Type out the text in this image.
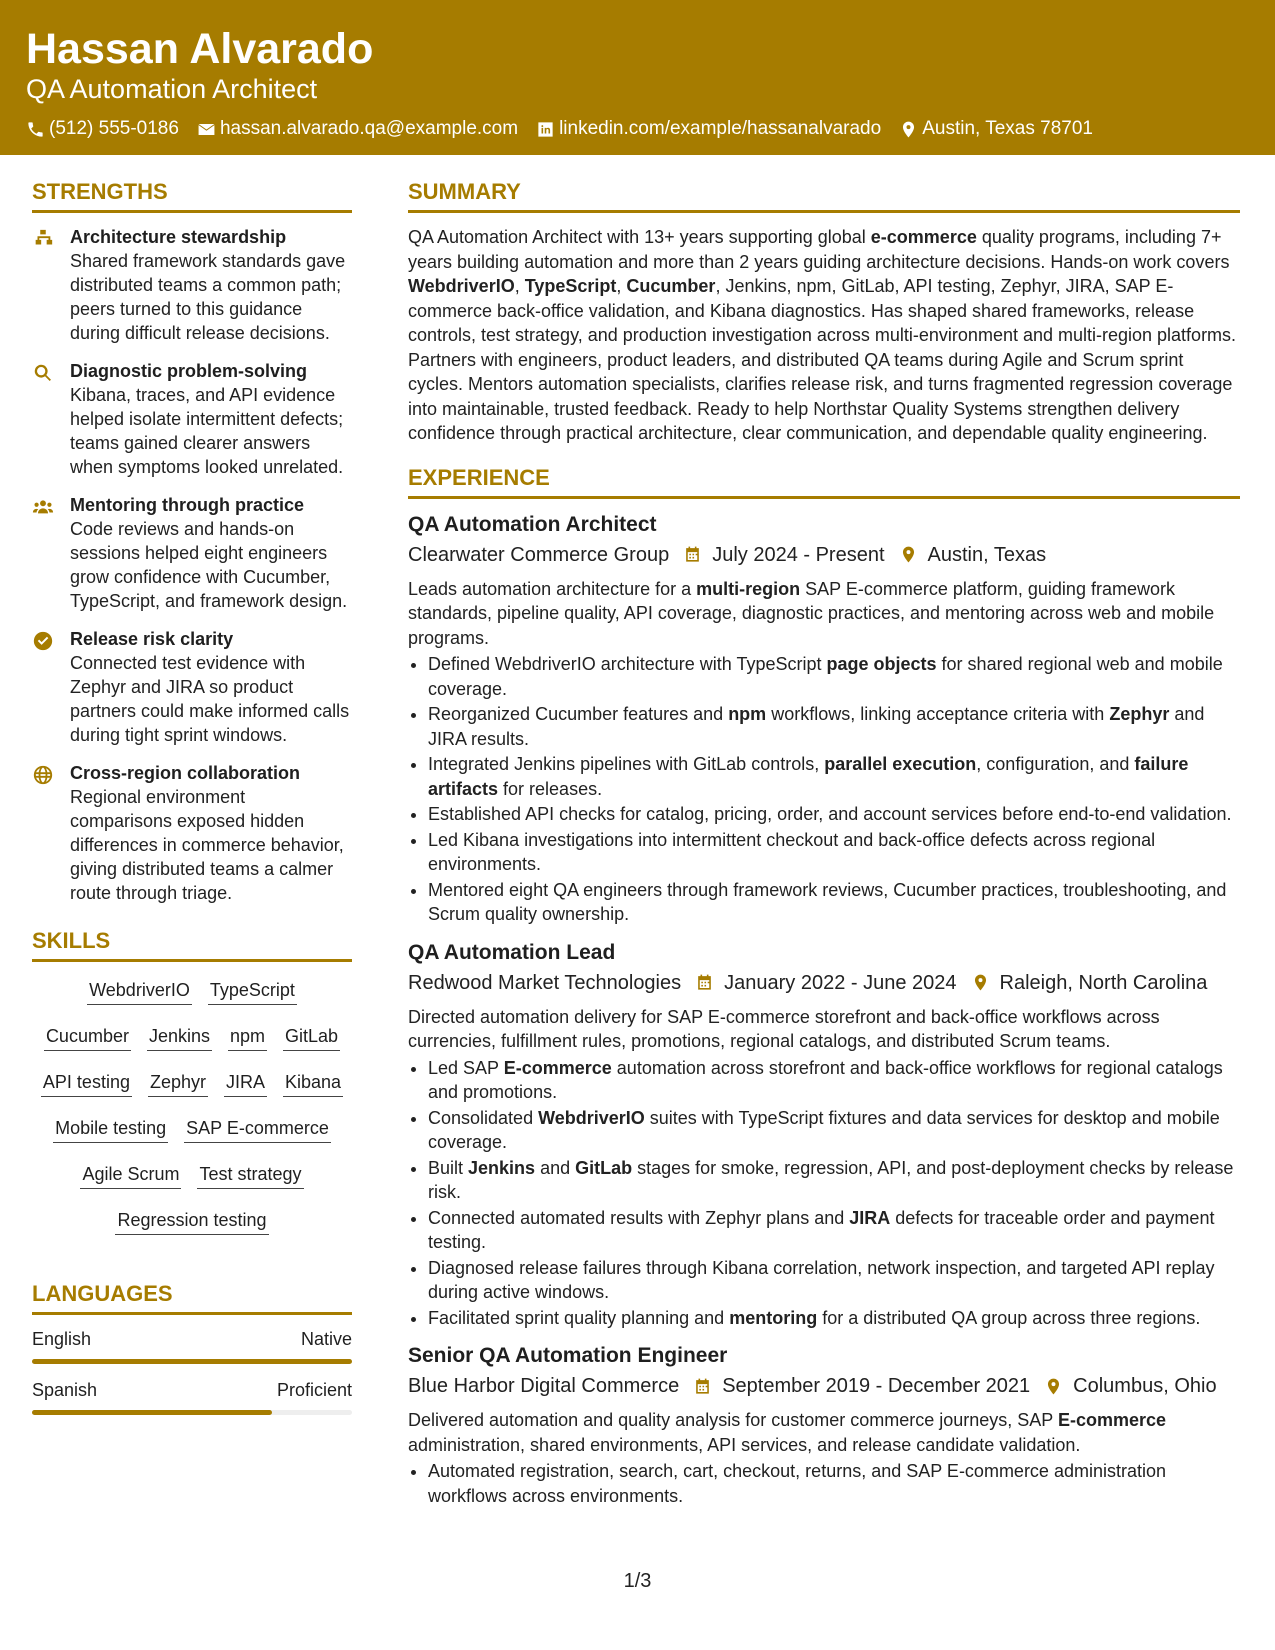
Hassan Alvarado
QA Automation Architect
(512) 555-0186 hassan.alvarado.qa@example.com linkedin.com/example/hassanalvarado Austin, Texas 78701
STRENGTHS
Architecture stewardship
Shared framework standards gave distributed teams a common path; peers turned to this guidance during difficult release decisions.
Diagnostic problem-solving
Kibana, traces, and API evidence helped isolate intermittent defects; teams gained clearer answers when symptoms looked unrelated.
Mentoring through practice
Code reviews and hands-on sessions helped eight engineers grow confidence with Cucumber, TypeScript, and framework design.
Release risk clarity
Connected test evidence with Zephyr and JIRA so product partners could make informed calls during tight sprint windows.
Cross-region collaboration
Regional environment comparisons exposed hidden differences in commerce behavior, giving distributed teams a calmer route through triage.
SKILLS
WebdriverIO TypeScript
Cucumber Jenkins npm GitLab
API testing Zephyr JIRA Kibana
Mobile testing SAP E-commerce
Agile Scrum Test strategy
Regression testing
LANGUAGES
English	Native
Spanish	Proficient
SUMMARY
QA Automation Architect with 13+ years supporting global e-commerce quality programs, including 7+ years building automation and more than 2 years guiding architecture decisions. Hands-on work covers WebdriverIO, TypeScript, Cucumber, Jenkins, npm, GitLab, API testing, Zephyr, JIRA, SAP E-commerce back-office validation, and Kibana diagnostics. Has shaped shared frameworks, release controls, test strategy, and production investigation across multi-environment and multi-region platforms. Partners with engineers, product leaders, and distributed QA teams during Agile and Scrum sprint cycles. Mentors automation specialists, clarifies release risk, and turns fragmented regression coverage into maintainable, trusted feedback. Ready to help Northstar Quality Systems strengthen delivery confidence through practical architecture, clear communication, and dependable quality engineering.
EXPERIENCE
QA Automation Architect
Clearwater Commerce Group July 2024 - Present Austin, Texas
Leads automation architecture for a multi-region SAP E-commerce platform, guiding framework standards, pipeline quality, API coverage, diagnostic practices, and mentoring across web and mobile programs.
• Defined WebdriverIO architecture with TypeScript page objects for shared regional web and mobile coverage.
• Reorganized Cucumber features and npm workflows, linking acceptance criteria with Zephyr and JIRA results.
• Integrated Jenkins pipelines with GitLab controls, parallel execution, configuration, and failure artifacts for releases.
• Established API checks for catalog, pricing, order, and account services before end-to-end validation.
• Led Kibana investigations into intermittent checkout and back-office defects across regional environments.
• Mentored eight QA engineers through framework reviews, Cucumber practices, troubleshooting, and Scrum quality ownership.
QA Automation Lead
Redwood Market Technologies January 2022 - June 2024 Raleigh, North Carolina
Directed automation delivery for SAP E-commerce storefront and back-office workflows across currencies, fulfillment rules, promotions, regional catalogs, and distributed Scrum teams.
• Led SAP E-commerce automation across storefront and back-office workflows for regional catalogs and promotions.
• Consolidated WebdriverIO suites with TypeScript fixtures and data services for desktop and mobile coverage.
• Built Jenkins and GitLab stages for smoke, regression, API, and post-deployment checks by release risk.
• Connected automated results with Zephyr plans and JIRA defects for traceable order and payment testing.
• Diagnosed release failures through Kibana correlation, network inspection, and targeted API replay during active windows.
• Facilitated sprint quality planning and mentoring for a distributed QA group across three regions.
Senior QA Automation Engineer
Blue Harbor Digital Commerce September 2019 - December 2021 Columbus, Ohio
Delivered automation and quality analysis for customer commerce journeys, SAP E-commerce administration, shared environments, API services, and release candidate validation.
• Automated registration, search, cart, checkout, returns, and SAP E-commerce administration workflows across environments.
1/3
